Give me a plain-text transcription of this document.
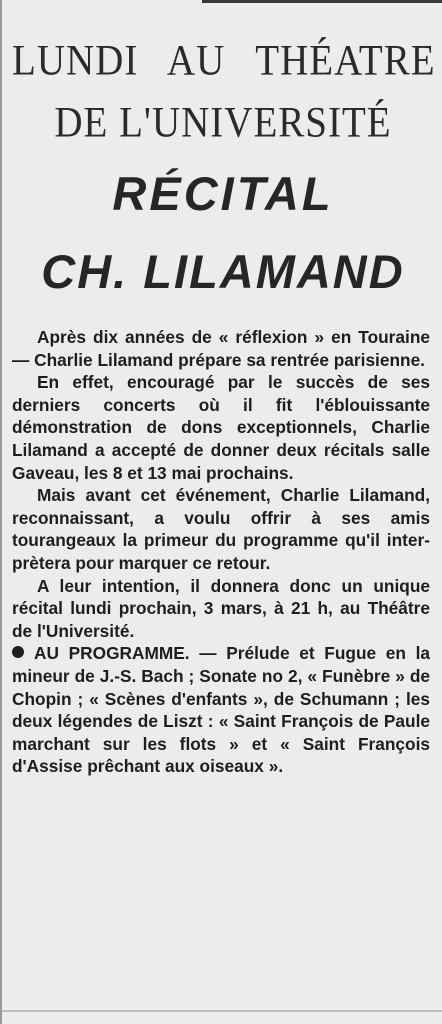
LUNDI AU THÉATRE
DE L'UNIVERSITÉ
RÉCITAL
CH. LILAMAND

Après dix années de « réflexion » en Touraine — Charlie Lilamand prépare sa rentrée parisienne.

En effet, encouragé par le succès de ses derniers concerts où il fit l'éblouissante démonstration de dons exceptionnels, Charlie Lilamand a accepté de donner deux récitals salle Gaveau, les 8 et 13 mai prochains.

Mais avant cet événement, Charlie Lilamand, reconnaissant, a voulu offrir à ses amis tourangeaux la primeur du programme qu'il interprètera pour marquer ce retour.

A leur intention, il donnera donc un unique récital lundi prochain, 3 mars, à 21 h, au Théâtre de l'Université.

AU PROGRAMME. — Prélude et Fugue en la mineur de J.-S. Bach ; Sonate no 2, « Funèbre » de Chopin ; « Scènes d'enfants », de Schumann ; les deux légendes de Liszt : « Saint François de Paule marchant sur les flots » et « Saint François d'Assise prêchant aux oiseaux ».
